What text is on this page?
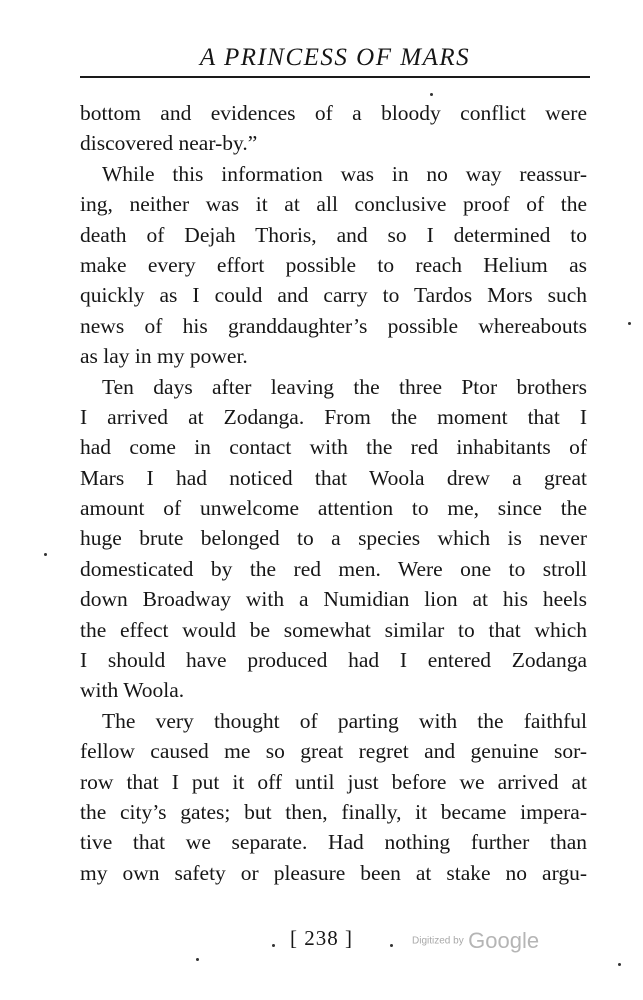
A PRINCESS OF MARS
bottom and evidences of a bloody conflict were
discovered near-by.”
While this information was in no way reassur-
ing, neither was it at all conclusive proof of the
death of Dejah Thoris, and so I determined to
make every effort possible to reach Helium as
quickly as I could and carry to Tardos Mors such
news of his granddaughter’s possible whereabouts
as lay in my power.
Ten days after leaving the three Ptor brothers
I arrived at Zodanga. From the moment that I
had come in contact with the red inhabitants of
Mars I had noticed that Woola drew a great
amount of unwelcome attention to me, since the
huge brute belonged to a species which is never
domesticated by the red men. Were one to stroll
down Broadway with a Numidian lion at his heels
the effect would be somewhat similar to that which
I should have produced had I entered Zodanga
with Woola.
The very thought of parting with the faithful
fellow caused me so great regret and genuine sor-
row that I put it off until just before we arrived at
the city’s gates; but then, finally, it became impera-
tive that we separate. Had nothing further than
my own safety or pleasure been at stake no argu-
[ 238 ]	Digitized by Google
